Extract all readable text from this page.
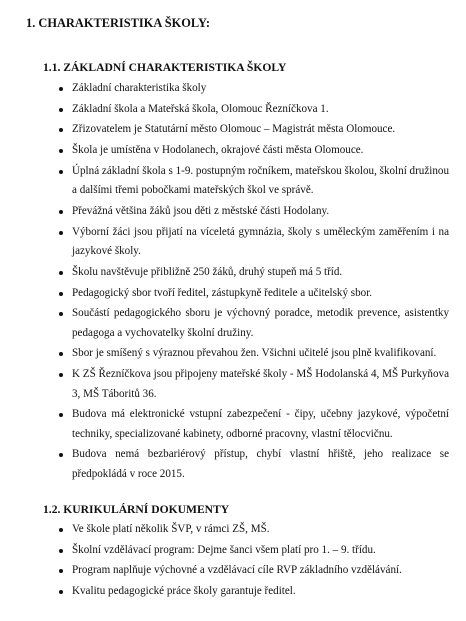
1. CHARAKTERISTIKA ŠKOLY:
1.1. ZÁKLADNÍ CHARAKTERISTIKA ŠKOLY
Základní charakteristika školy
Základní škola a Mateřská škola, Olomouc Řezníčkova 1.
Zřizovatelem je Statutární město Olomouc – Magistrát města Olomouce.
Škola je umístěna v Hodolanech, okrajové části města Olomouce.
Úplná základní škola s 1-9. postupným ročníkem, mateřskou školou, školní družinou a dalšími třemi pobočkami mateřských škol ve správě.
Převážná většina žáků jsou děti z městské části Hodolany.
Výborní žáci jsou přijatí na víceletá gymnázia, školy s uměleckým zaměřením i na jazykové školy.
Školu navštěvuje přibližně 250 žáků, druhý stupeň má 5 tříd.
Pedagogický sbor tvoří ředitel, zástupkyně ředitele a učitelský sbor.
Součástí pedagogického sboru je výchovný poradce, metodik prevence, asistentky pedagoga a vychovatelky školní družiny.
Sbor je smíšený s výraznou převahou žen. Všichni učitelé jsou plně kvalifikovaní.
K ZŠ Řezníčkova jsou připojeny mateřské školy - MŠ Hodolanská 4, MŠ Purkyňova 3, MŠ Táboritů 36.
Budova má elektronické vstupní zabezpečení - čipy, učebny jazykové, výpočetní techniky, specializované kabinety, odborné pracovny, vlastní tělocvičnu.
Budova nemá bezbariérový přístup, chybí vlastní hřiště, jeho realizace se předpokládá v roce 2015.
1.2. KURIKULÁRNÍ DOKUMENTY
Ve škole platí několik ŠVP, v rámci ZŠ, MŠ.
Školní vzdělávací program: Dejme šanci všem platí pro 1. – 9. třídu.
Program naplňuje výchovné a vzdělávací cíle RVP základního vzdělávání.
Kvalitu pedagogické práce školy garantuje ředitel.
